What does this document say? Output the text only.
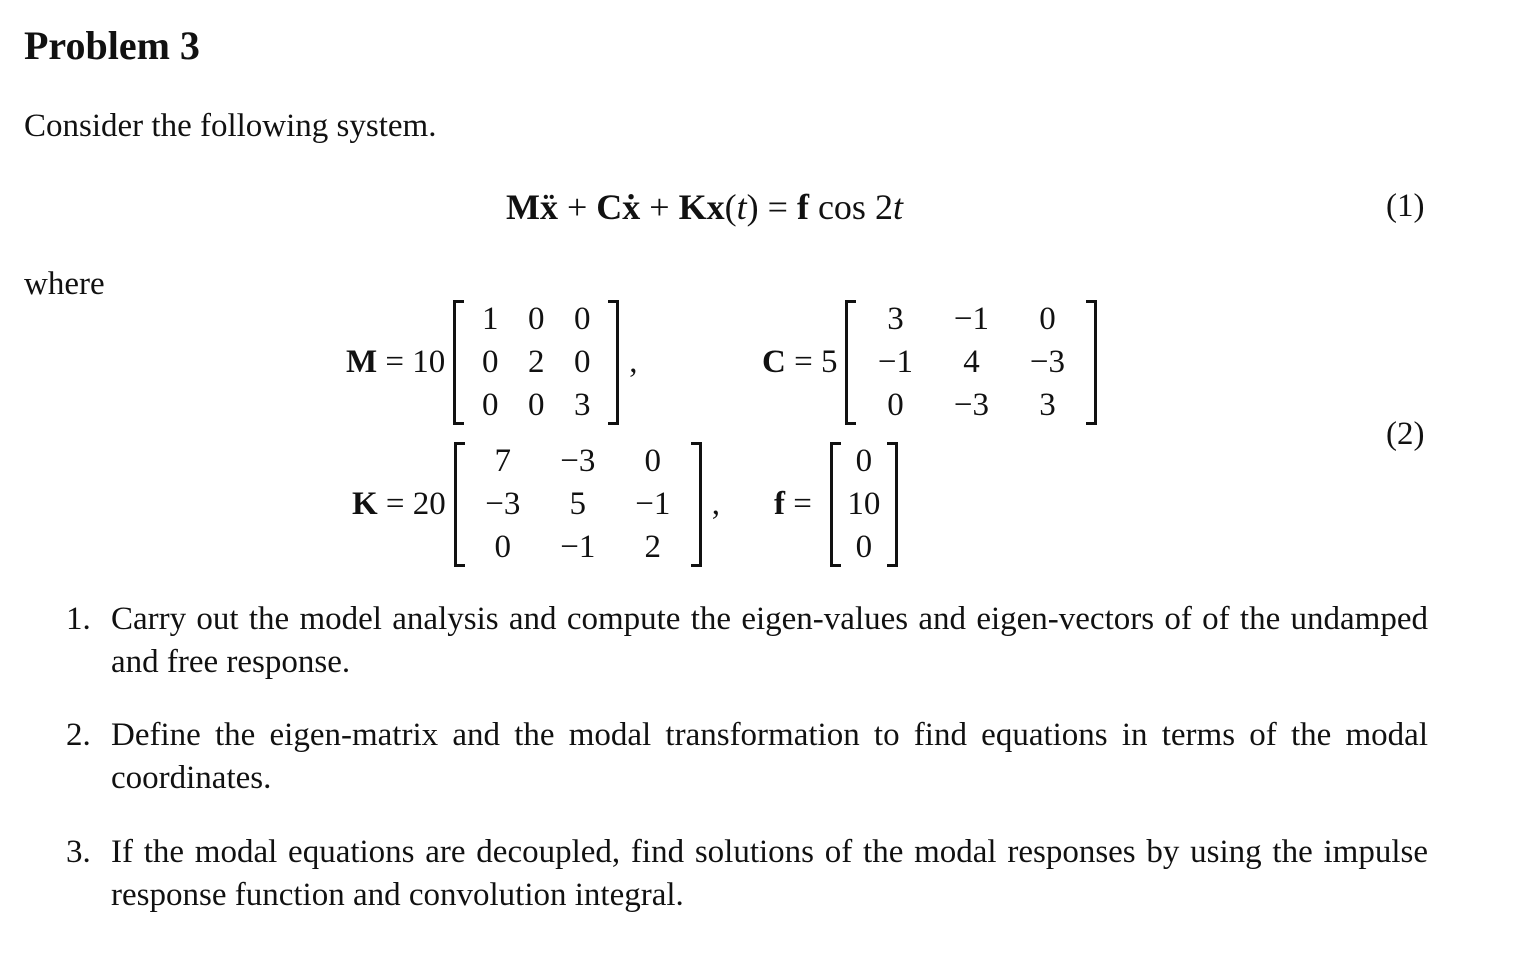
Problem 3
Consider the following system.
Mẍ + Cẋ + Kx(t) = f cos 2t	(1)
where
M = 10
1	0	0
0	2	0
0	0	3
,	C = 5
3	−1	0
−1	4	−3
0	−3	3
(2)
K = 20
7	−3	0
−3	5	−1
0	−1	2
, f =
0
10
0
1. Carry out the model analysis and compute the eigen-values and eigen-vectors of of the undamped and free response.
2. Define the eigen-matrix and the modal transformation to find equations in terms of the modal coordinates.
3. If the modal equations are decoupled, find solutions of the modal responses by using the impulse response function and convolution integral.
